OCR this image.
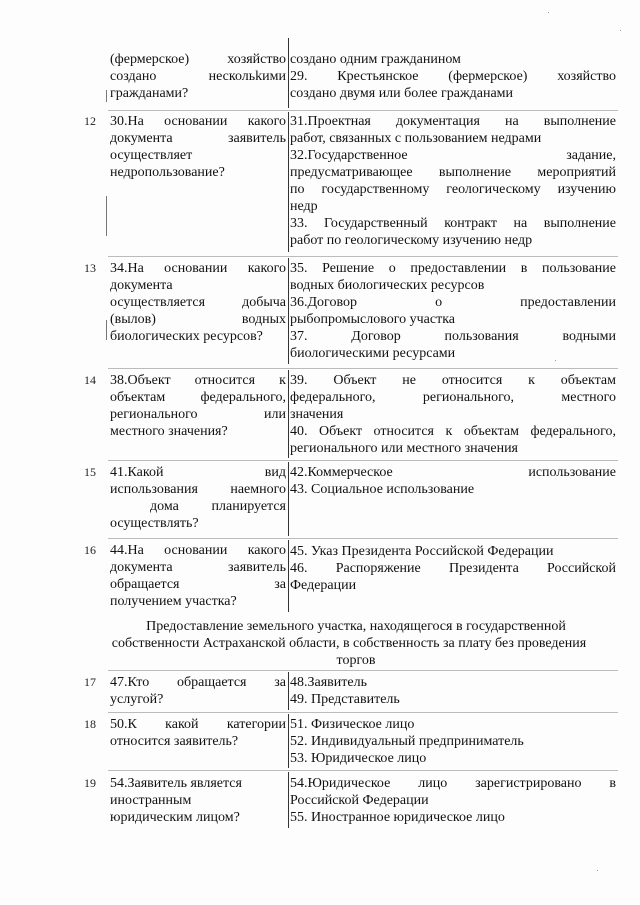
(фермерское) хозяйство

создано нескольkими

гражданами?

создано одним гражданином

29. Крестьянское (фермерское) хозяйство

создано двумя или более гражданами

12 30.На основании какого

документа заявитель

осуществляет

недропользование?

31.Проектная документация на выполнение

работ, связанных с пользованием недрами

32.Государственное задание,

предусматривающее выполнение мероприятий

по государственному геологическому изучению

недр

33. Государственный контракт на выполнение

работ по геологическому изучению недр

13 34.На основании какого

документа

осуществляется добыча

(вылов) водных

биологических ресурсов?

35. Решение о предоставлении в пользование

водных биологических ресурсов

36.Договор о предоставлении

рыбопромыслового участка

37. Договор пользования водными

биологическими ресурсами

14 38.Объект относится к

объектам федерального,

регионального или

местного значения?

39. Объект не относится к объектам

федерального, регионального, местного

значения

40. Объект относится к объектам федерального,

регионального или местного значения

15 41.Какой вид

использования наемного

дома планируется

осуществлять?

42.Коммерческое использование

43. Социальное использование

16 44.На основании какого

документа заявитель

обращается за

получением участка?

45. Указ Президента Российской Федерации

46. Распоряжение Президента Российской

Федерации

Предоставление земельного участка, находящегося в государственной
собственности Астраханской области, в собственность за плату без проведения
торгов
17 47.Кто обращается за

услугой?

48.Заявитель

49. Представитель

18 50.К какой категории

относится заявитель?

51. Физическое лицо

52. Индивидуальный предприниматель

53. Юридическое лицо

19 54.Заявитель является

иностранным

юридическим лицом?

54.Юридическое лицо зарегистрировано в

Российской Федерации

55. Иностранное юридическое лицо
